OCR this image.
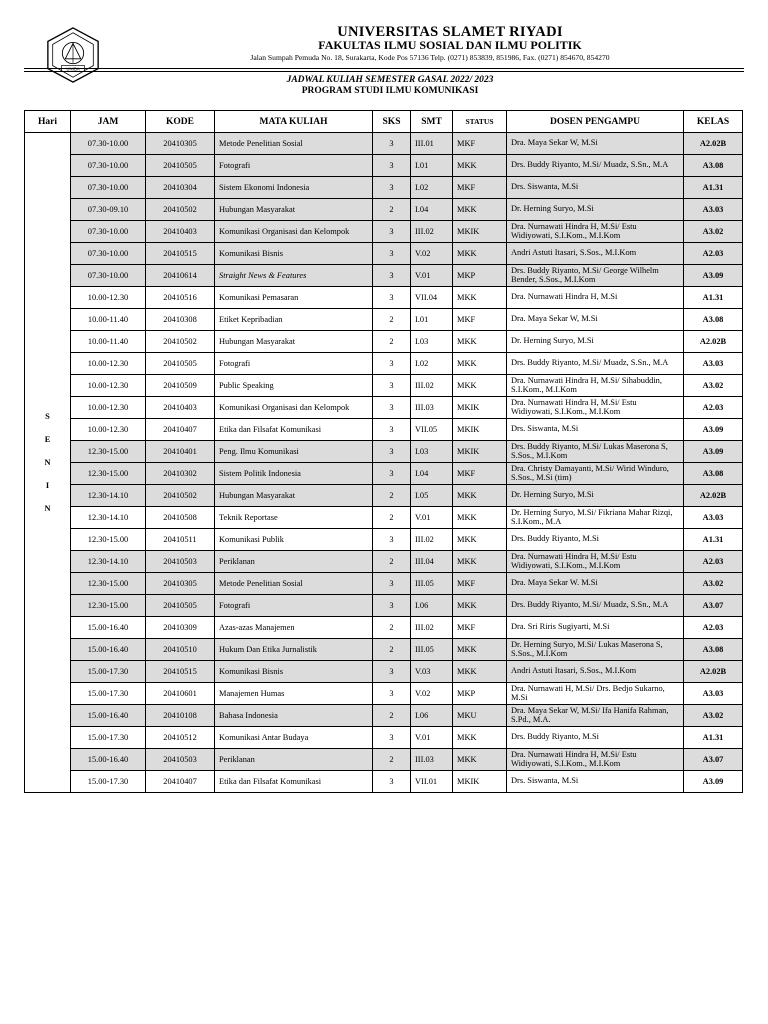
UNIBA
UNIVERSITAS SLAMET RIYADI
FAKULTAS ILMU SOSIAL DAN ILMU POLITIK
Jalan Sumpah Pemuda No. 18, Surakarta, Kode Pos 57136 Telp. (0271) 853839, 851986, Fax. (0271) 854670, 854270
JADWAL KULIAH SEMESTER GASAL 2022/ 2023
PROGRAM STUDI ILMU KOMUNIKASI
Hari	JAM	KODE	MATA KULIAH	SKS	SMT	STATUS	DOSEN PENGAMPU	KELAS

S
E
N
I
N	07.30-10.00	20410305	Metode Penelitian Sosial	3	III.01	MKF	Dra. Maya Sekar W, M.Si	A2.02B
	07.30-10.00	20410505	Fotografi	3	I.01	MKK	Drs. Buddy Riyanto, M.Si/ Muadz, S.Sn., M.A	A3.08
	07.30-10.00	20410304	Sistem Ekonomi Indonesia	3	I.02	MKF	Drs. Siswanta, M.Si	A1.31
	07.30-09.10	20410502	Hubungan Masyarakat	2	I.04	MKK	Dr. Herning Suryo, M.Si	A3.03
	07.30-10.00	20410403	Komunikasi Organisasi dan Kelompok	3	III.02	MKIK	Dra. Nurnawati Hindra H, M.Si/ Estu Widiyowati, S.I.Kom., M.I.Kom	A3.02
	07.30-10.00	20410515	Komunikasi Bisnis	3	V.02	MKK	Andri Astuti Itasari, S.Sos., M.I.Kom	A2.03
	07.30-10.00	20410614	Straight News & Features	3	V.01	MKP	Drs. Buddy Riyanto, M.Si/ George Wilhelm Bender, S.Sos., M.I.Kom	A3.09
	10.00-12.30	20410516	Komunikasi Pemasaran	3	VII.04	MKK	Dra. Nurnawati Hindra H, M.Si	A1.31
	10.00-11.40	20410308	Etiket Kepribadian	2	I.01	MKF	Dra. Maya Sekar W, M.Si	A3.08
	10.00-11.40	20410502	Hubungan Masyarakat	2	I.03	MKK	Dr. Herning Suryo, M.Si	A2.02B
	10.00-12.30	20410505	Fotografi	3	I.02	MKK	Drs. Buddy Riyanto, M.Si/ Muadz, S.Sn., M.A	A3.03
	10.00-12.30	20410509	Public Speaking	3	III.02	MKK	Dra. Nurnawati Hindra H, M.Si/ Sihabuddin, S.I.Kom., M.I.Kom	A3.02
	10.00-12.30	20410403	Komunikasi Organisasi dan Kelompok	3	III.03	MKIK	Dra. Nurnawati Hindra H, M.Si/ Estu Widiyowati, S.I.Kom., M.I.Kom	A2.03
	10.00-12.30	20410407	Etika dan Filsafat Komunikasi	3	VII.05	MKIK	Drs. Siswanta, M.Si	A3.09
	12.30-15.00	20410401	Peng. Ilmu Komunikasi	3	I.03	MKIK	Drs. Buddy Riyanto, M.Si/ Lukas Maserona S, S.Sos., M.I.Kom	A3.09
	12.30-15.00	20410302	Sistem Politik Indonesia	3	I.04	MKF	Dra. Christy Damayanti, M.Si/ Wirid Winduro, S.Sos., M.Si (tim)	A3.08
	12.30-14.10	20410502	Hubungan Masyarakat	2	I.05	MKK	Dr. Herning Suryo, M.Si	A2.02B
	12.30-14.10	20410508	Teknik Reportase	2	V.01	MKK	Dr. Herning Suryo, M.Si/ Fikriana Mahar Rizqi, S.I.Kom., M.A	A3.03
	12.30-15.00	20410511	Komunikasi Publik	3	III.02	MKK	Drs. Buddy Riyanto, M.Si	A1.31
	12.30-14.10	20410503	Periklanan	2	III.04	MKK	Dra. Nurnawati Hindra H, M.Si/ Estu Widiyowati, S.I.Kom., M.I.Kom	A2.03
	12.30-15.00	20410305	Metode Penelitian Sosial	3	III.05	MKF	Dra. Maya Sekar W. M.Si	A3.02
	12.30-15.00	20410505	Fotografi	3	I.06	MKK	Drs. Buddy Riyanto, M.Si/ Muadz, S.Sn., M.A	A3.07
	15.00-16.40	20410309	Azas-azas Manajemen	2	III.02	MKF	Dra. Sri Riris Sugiyarti, M.Si	A2.03
	15.00-16.40	20410510	Hukum Dan Etika Jurnalistik	2	III.05	MKK	Dr. Herning Suryo, M.Si/ Lukas Maserona S, S.Sos., M.I.Kom	A3.08
	15.00-17.30	20410515	Komunikasi Bisnis	3	V.03	MKK	Andri Astuti Itasari, S.Sos., M.I.Kom	A2.02B
	15.00-17.30	20410601	Manajemen Humas	3	V.02	MKP	Dra. Nurnawati H, M.Si/ Drs. Bedjo Sukarno, M.Si	A3.03
	15.00-16.40	20410108	Bahasa Indonesia	2	I.06	MKU	Dra. Maya Sekar W, M.Si/ Ifa Hanifa Rahman, S.Pd., M.A.	A3.02
	15.00-17.30	20410512	Komunikasi Antar Budaya	3	V.01	MKK	Drs. Buddy Riyanto, M.Si	A1.31
	15.00-16.40	20410503	Periklanan	2	III.03	MKK	Dra. Nurnawati Hindra H, M.Si/ Estu Widiyowati, S.I.Kom., M.I.Kom	A3.07
	15.00-17.30	20410407	Etika dan Filsafat Komunikasi	3	VII.01	MKIK	Drs. Siswanta, M.Si	A3.09
